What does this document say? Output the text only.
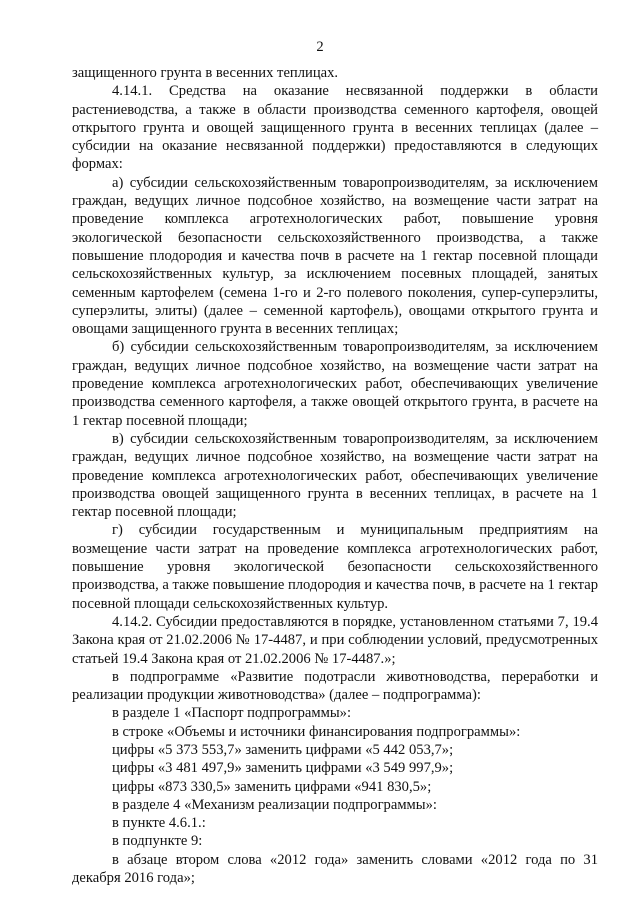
2
защищенного грунта в весенних теплицах.
4.14.1. Средства на оказание несвязанной поддержки в области растениеводства, а также в области производства семенного картофеля, овощей открытого грунта и овощей защищенного грунта в весенних теплицах (далее – субсидии на оказание несвязанной поддержки) предоставляются в следующих формах:
а) субсидии сельскохозяйственным товаропроизводителям, за исключением граждан, ведущих личное подсобное хозяйство, на возмещение части затрат на проведение комплекса агротехнологических работ, повышение уровня экологической безопасности сельскохозяйственного производства, а также повышение плодородия и качества почв в расчете на 1 гектар посевной площади сельскохозяйственных культур, за исключением посевных площадей, занятых семенным картофелем (семена 1-го и 2-го полевого поколения, супер-суперэлиты, суперэлиты, элиты) (далее – семенной картофель), овощами открытого грунта и овощами защищенного грунта в весенних теплицах;
б) субсидии сельскохозяйственным товаропроизводителям, за исключением граждан, ведущих личное подсобное хозяйство, на возмещение части затрат на проведение комплекса агротехнологических работ, обеспечивающих увеличение производства семенного картофеля, а также овощей открытого грунта, в расчете на 1 гектар посевной площади;
в) субсидии сельскохозяйственным товаропроизводителям, за исключением граждан, ведущих личное подсобное хозяйство, на возмещение части затрат на проведение комплекса агротехнологических работ, обеспечивающих увеличение производства овощей защищенного грунта в весенних теплицах, в расчете на 1 гектар посевной площади;
г) субсидии государственным и муниципальным предприятиям на возмещение части затрат на проведение комплекса агротехнологических работ, повышение уровня экологической безопасности сельскохозяйственного производства, а также повышение плодородия и качества почв, в расчете на 1 гектар посевной площади сельскохозяйственных культур.
4.14.2. Субсидии предоставляются в порядке, установленном статьями 7, 19.4 Закона края от 21.02.2006 № 17-4487, и при соблюдении условий, предусмотренных статьей 19.4 Закона края от 21.02.2006 № 17-4487.»;
в подпрограмме «Развитие подотрасли животноводства, переработки и реализации продукции животноводства» (далее – подпрограмма):
в разделе 1 «Паспорт подпрограммы»:
в строке «Объемы и источники финансирования подпрограммы»:
цифры «5 373 553,7» заменить цифрами «5 442 053,7»;
цифры «3 481 497,9» заменить цифрами «3 549 997,9»;
цифры «873 330,5» заменить цифрами «941 830,5»;
в разделе 4 «Механизм реализации подпрограммы»:
в пункте 4.6.1.:
в подпункте 9:
в абзаце втором слова «2012 года» заменить словами «2012 года по 31 декабря 2016 года»;
